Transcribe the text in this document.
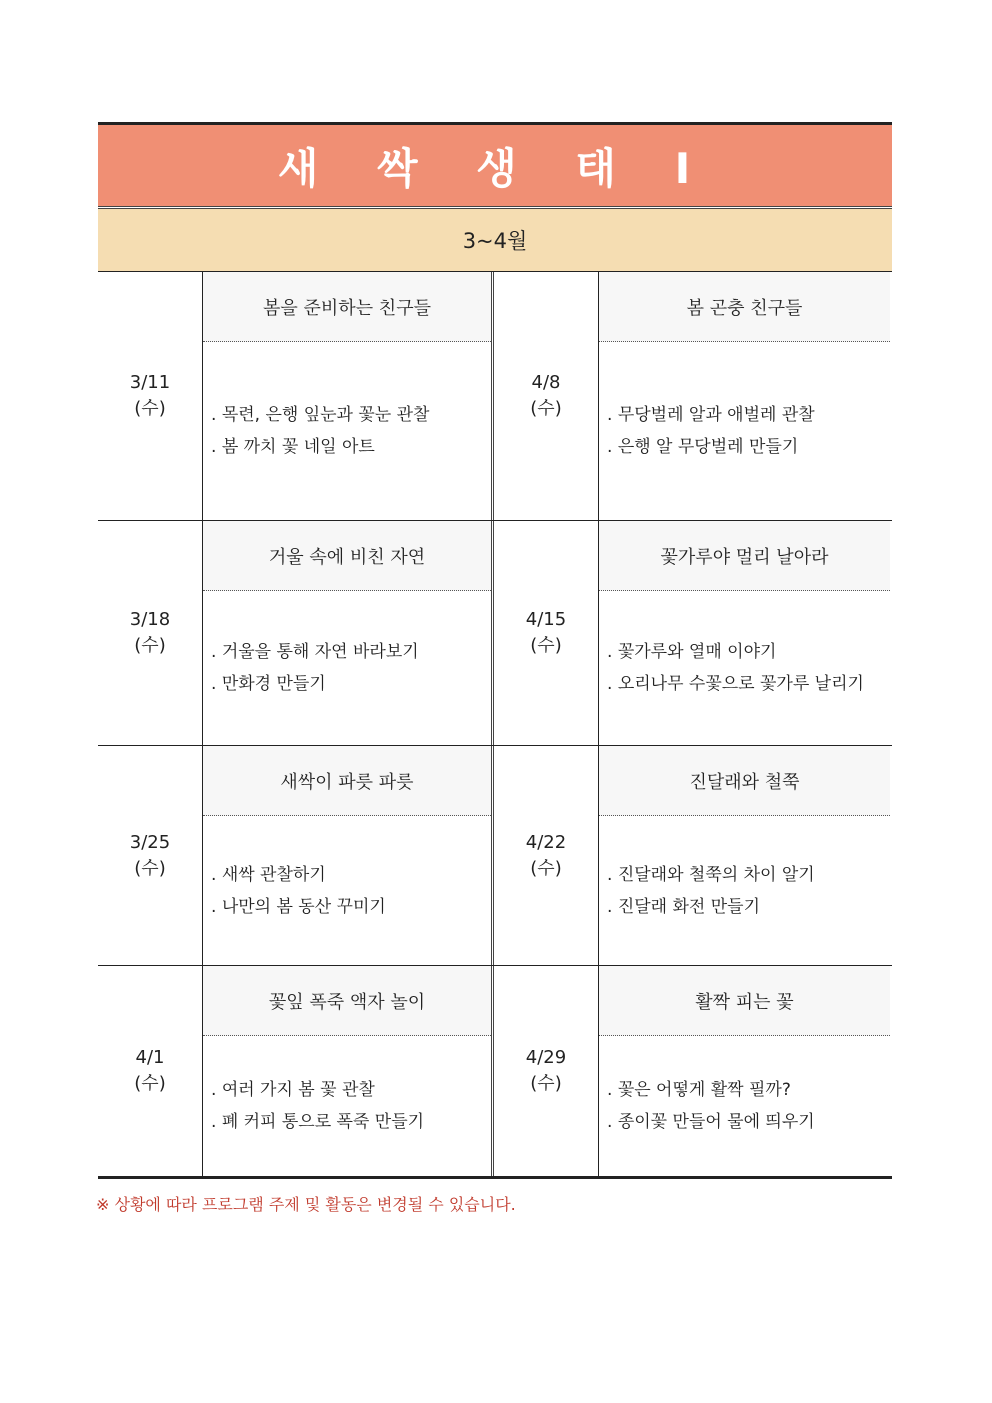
새 싹 생 태 I
3~4월
3/11
(수)
봄을 준비하는 친구들
. 목련, 은행 잎눈과 꽃눈 관찰
. 봄 까치 꽃 네일 아트
4/8
(수)
봄 곤충 친구들
. 무당벌레 알과 애벌레 관찰
. 은행 알 무당벌레 만들기
3/18
(수)
거울 속에 비친 자연
. 거울을 통해 자연 바라보기
. 만화경 만들기
4/15
(수)
꽃가루야 멀리 날아라
. 꽃가루와 열매 이야기
. 오리나무 수꽃으로 꽃가루 날리기
3/25
(수)
새싹이 파릇 파릇
. 새싹 관찰하기
. 나만의 봄 동산 꾸미기
4/22
(수)
진달래와 철쭉
. 진달래와 철쭉의 차이 알기
. 진달래 화전 만들기
4/1
(수)
꽃잎 폭죽 액자 놀이
. 여러 가지 봄 꽃 관찰
. 폐 커피 통으로 폭죽 만들기
4/29
(수)
활짝 피는 꽃
. 꽃은 어떻게 활짝 필까?
. 종이꽃 만들어 물에 띄우기
※ 상황에 따라 프로그램 주제 및 활동은 변경될 수 있습니다.
